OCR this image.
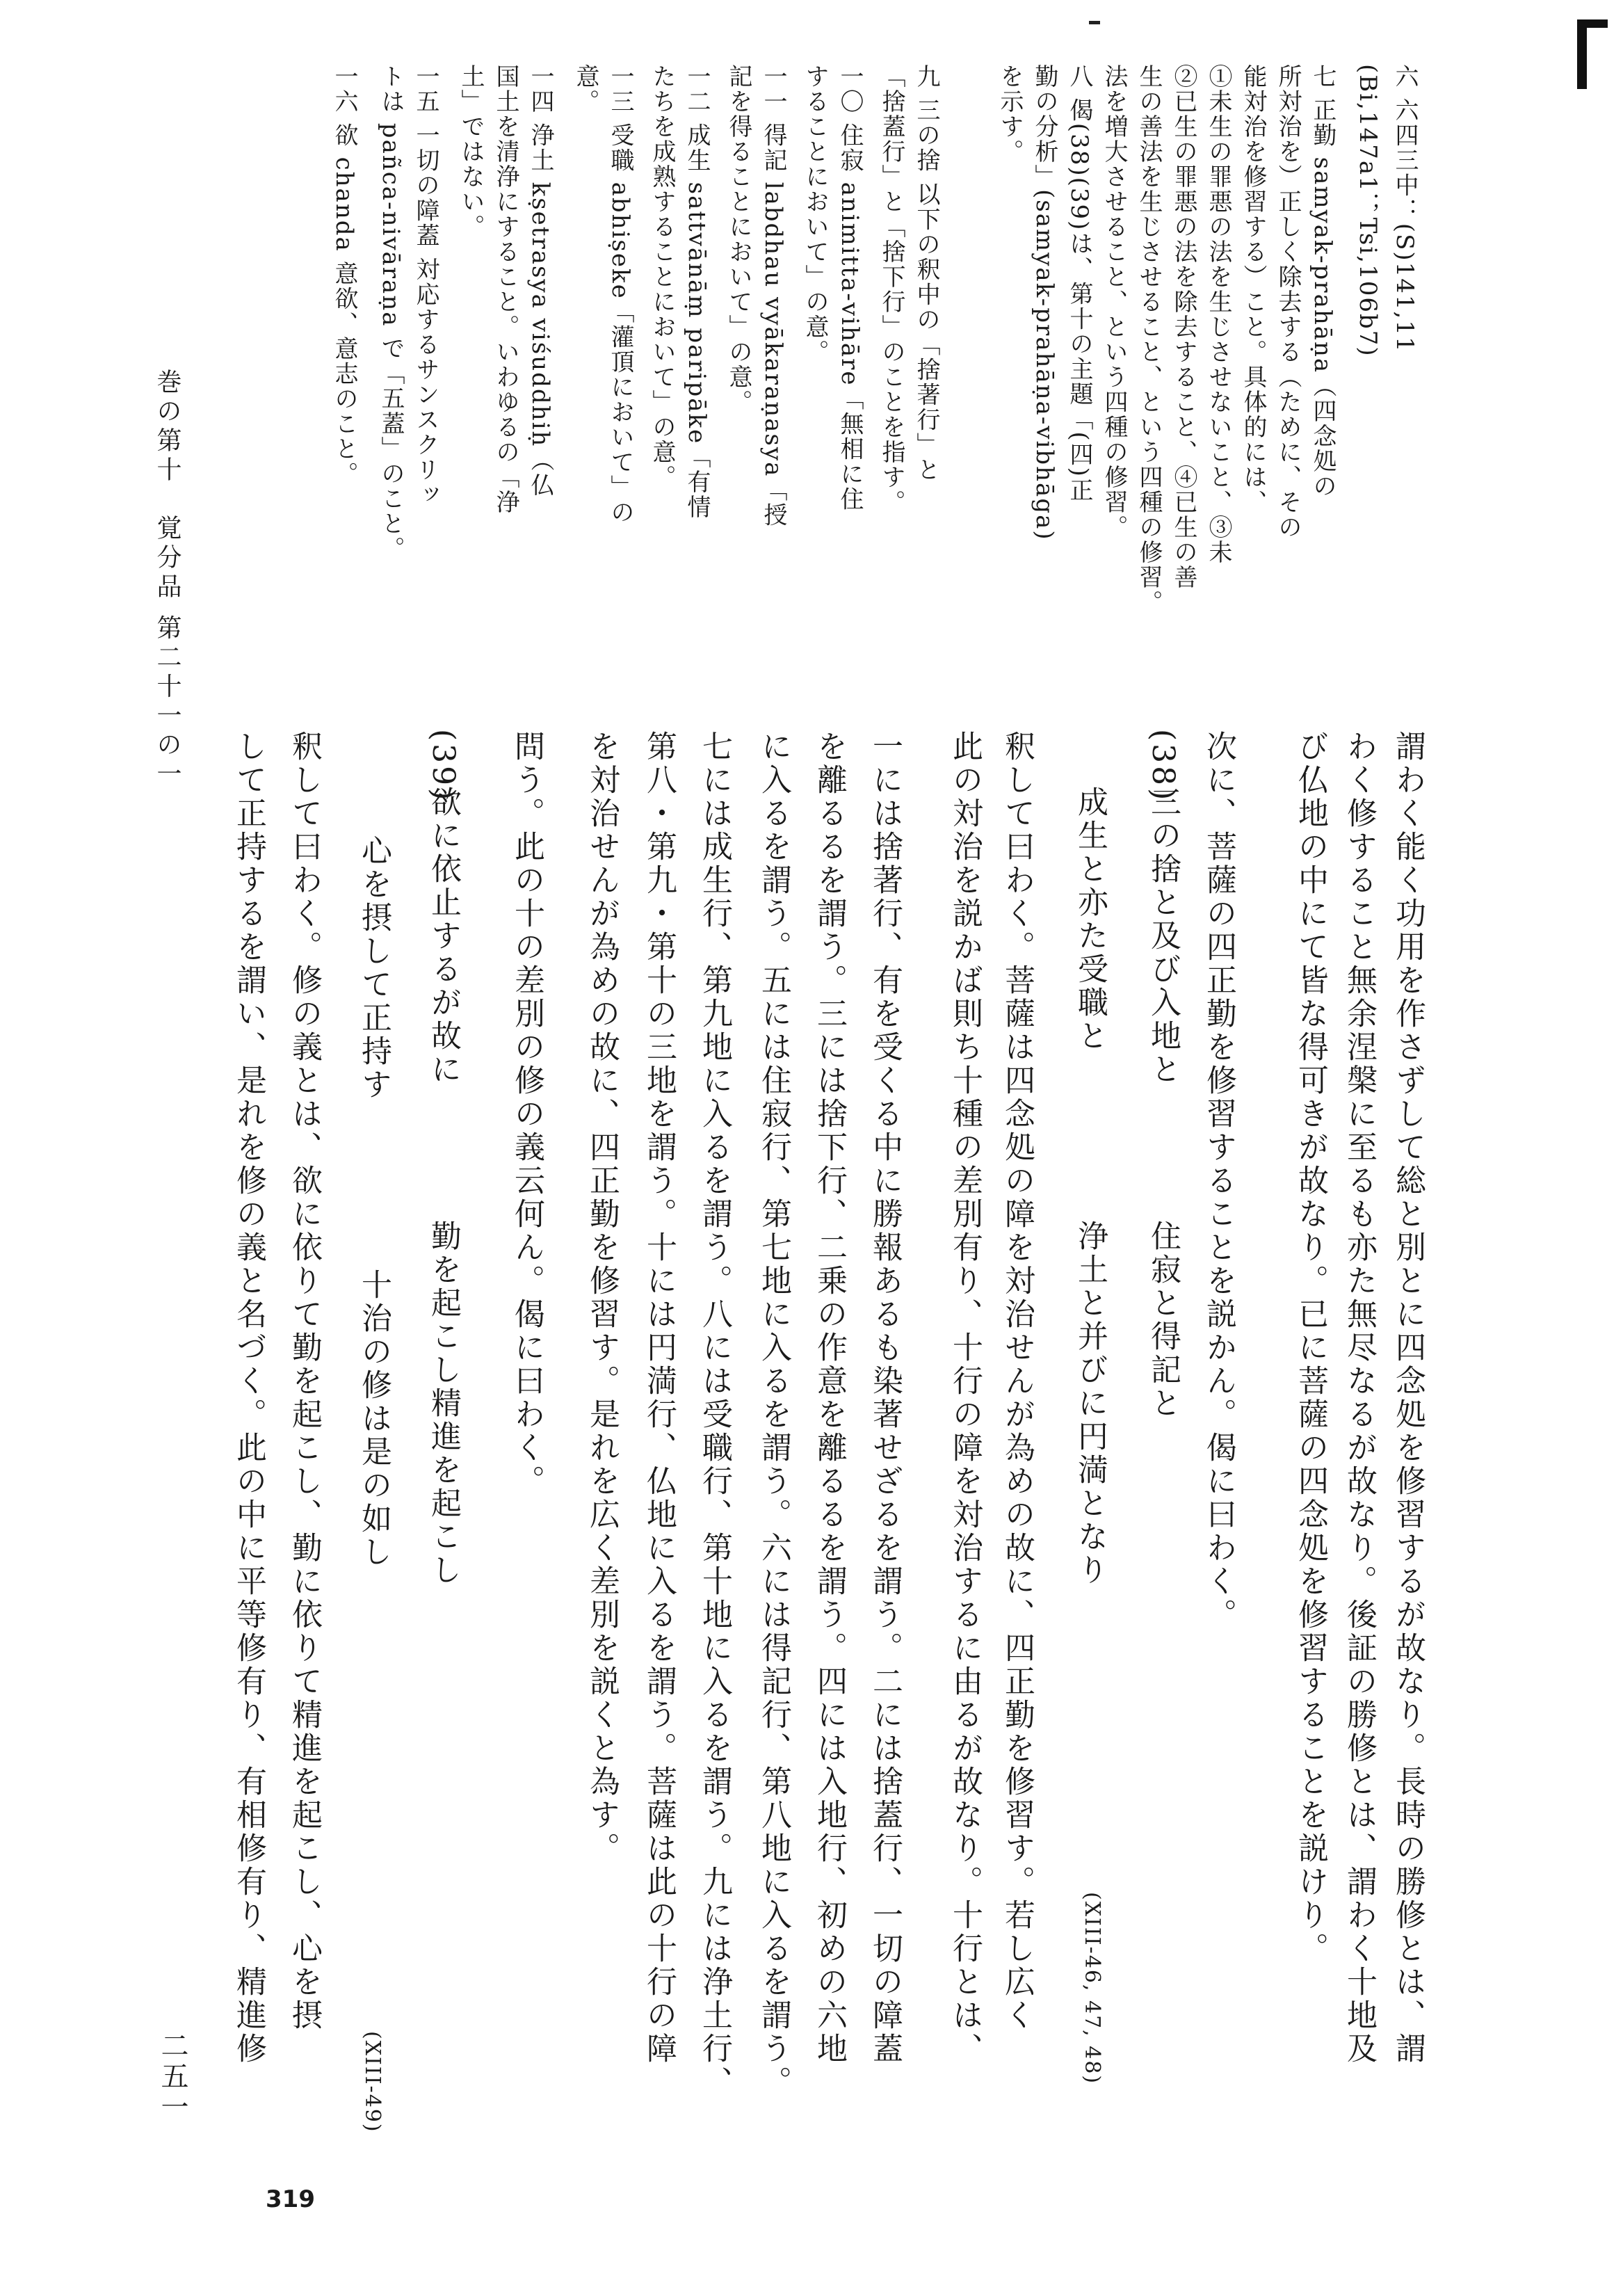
謂わく能く功用を作さずして総と別とに四念処を修習するが故なり。長時の勝修とは、謂
わく修すること無余涅槃に至るも亦た無尽なるが故なり。後証の勝修とは、謂わく十地及
び仏地の中にて皆な得可きが故なり。已に菩薩の四念処を修習することを説けり。
次に、菩薩の四正勤を修習することを説かん。偈に曰わく。
(38)
三の捨と及び入地と　　　　住寂と得記と
成生と亦た受職と　　　　　浄土と并びに円満となり
(XIII-46, 47, 48)
釈して曰わく。菩薩は四念処の障を対治せんが為めの故に、四正勤を修習す。若し広く
此の対治を説かば則ち十種の差別有り、十行の障を対治するに由るが故なり。十行とは、
一には捨著行、有を受くる中に勝報あるも染著せざるを謂う。二には捨蓋行、一切の障蓋
を離るるを謂う。三には捨下行、二乗の作意を離るるを謂う。四には入地行、初めの六地
に入るを謂う。五には住寂行、第七地に入るを謂う。六には得記行、第八地に入るを謂う。
七には成生行、第九地に入るを謂う。八には受職行、第十地に入るを謂う。九には浄土行、
第八・第九・第十の三地を謂う。十には円満行、仏地に入るを謂う。菩薩は此の十行の障
を対治せんが為めの故に、四正勤を修習す。是れを広く差別を説くと為す。
問う。此の十の差別の修の義云何ん。偈に曰わく。
(39)
欲に依止するが故に　　　　勤を起こし精進を起こし
心を摂して正持す　　　　　十治の修は是の如し
(XIII-49)
釈して曰わく。修の義とは、欲に依りて勤を起こし、勤に依りて精進を起こし、心を摂
して正持するを謂い、是れを修の義と名づく。此の中に平等修有り、有相修有り、精進修
六 六四三中：(S)141,11
(Bi,147a1；Tsi,106b7)
七 正勤 samyak-prahāṇa（四念処の
所対治を）正しく除去する（ために、その
能対治を修習する）こと。具体的には、
①未生の罪悪の法を生じさせないこと、③未
②已生の罪悪の法を除去すること、④已生の善
生の善法を生じさせること、という四種の修習。
法を増大させること、という四種の修習。
八 偈(38)(39)は、第十の主題「(四)正
勤の分析」(samyak-prahāṇa-vibhāga)
を示す。
九 三の捨 以下の釈中の「捨著行」と
「捨蓋行」と「捨下行」のことを指す。
一〇 住寂 animitta-vihāre「無相に住
することにおいて」の意。
一一 得記 labdhau vyākaraṇasya「授
記を得ることにおいて」の意。
一二 成生 sattvānāṃ paripāke「有情
たちを成熟することにおいて」の意。
一三 受職 abhiṣeke「灌頂において」の
意。
一四 浄土 kṣetrasya viśuddhiḥ（仏
国土を清浄にすること。いわゆるの「浄
土」ではない。
一五 一切の障蓋 対応するサンスクリッ
トは pañca-nivāraṇa で「五蓋」のこと。
一六 欲 chanda 意欲、意志のこと。
巻の第十　覚分品 第二十一の一
二五一
319
